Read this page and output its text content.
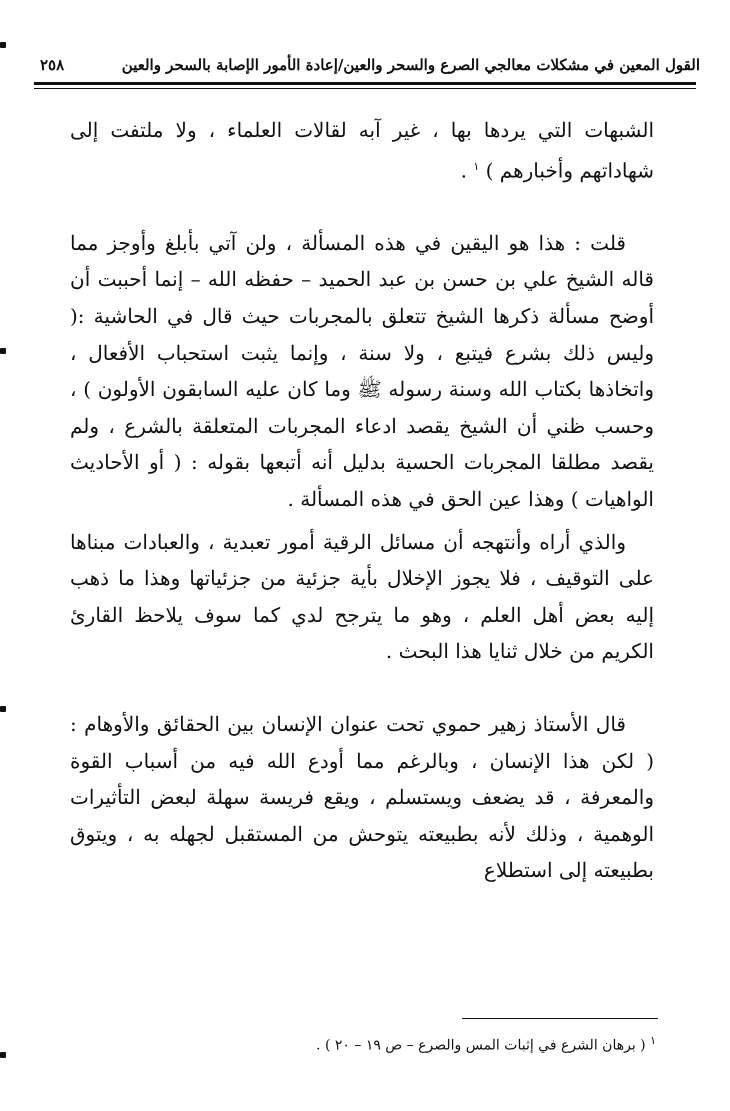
القول المعين في مشكلات معالجي الصرع والسحر والعين/إعادة الأمور الإصابة بالسحر والعين
٢٥٨

الشبهات التي يردها بها ، غير آبه لقالات العلماء ، ولا ملتفت إلى شهاداتهم وأخبارهم ) $^١$ .

قلت : هذا هو اليقين في هذه المسألة ، ولن آتي بأبلغ وأوجز مما قاله الشيخ علي بن حسن بن عبد الحميد – حفظه الله – إنما أحببت أن أوضح مسألة ذكرها الشيخ تتعلق بالمجربات حيث قال في الحاشية :( وليس ذلك بشرع فيتبع ، ولا سنة ، وإنما يثبت استحباب الأفعال ، واتخاذها بكتاب الله وسنة رسوله ﷺ وما كان عليه السابقون الأولون ) ، وحسب ظني أن الشيخ يقصد ادعاء المجربات المتعلقة بالشرع ، ولم يقصد مطلقا المجربات الحسية بدليل أنه أتبعها بقوله : ( أو الأحاديث الواهيات ) وهذا عين الحق في هذه المسألة .

والذي أراه وأنتهجه أن مسائل الرقية أمور تعبدية ، والعبادات مبناها على التوقيف ، فلا يجوز الإخلال بأية جزئية من جزئياتها وهذا ما ذهب إليه بعض أهل العلم ، وهو ما يترجح لدي كما سوف يلاحظ القارئ الكريم من خلال ثنايا هذا البحث .

قال الأستاذ زهير حموي تحت عنوان الإنسان بين الحقائق والأوهام : ( لكن هذا الإنسان ، وبالرغم مما أودع الله فيه من أسباب القوة والمعرفة ، قد يضعف ويستسلم ، ويقع فريسة سهلة لبعض التأثيرات الوهمية ، وذلك لأنه بطبيعته يتوحش من المستقبل لجهله به ، ويتوق بطبيعته إلى استطلاع

$^١$ ( برهان الشرع في إثبات المس والصرع – ص ١٩ – ٢٠ ) .
